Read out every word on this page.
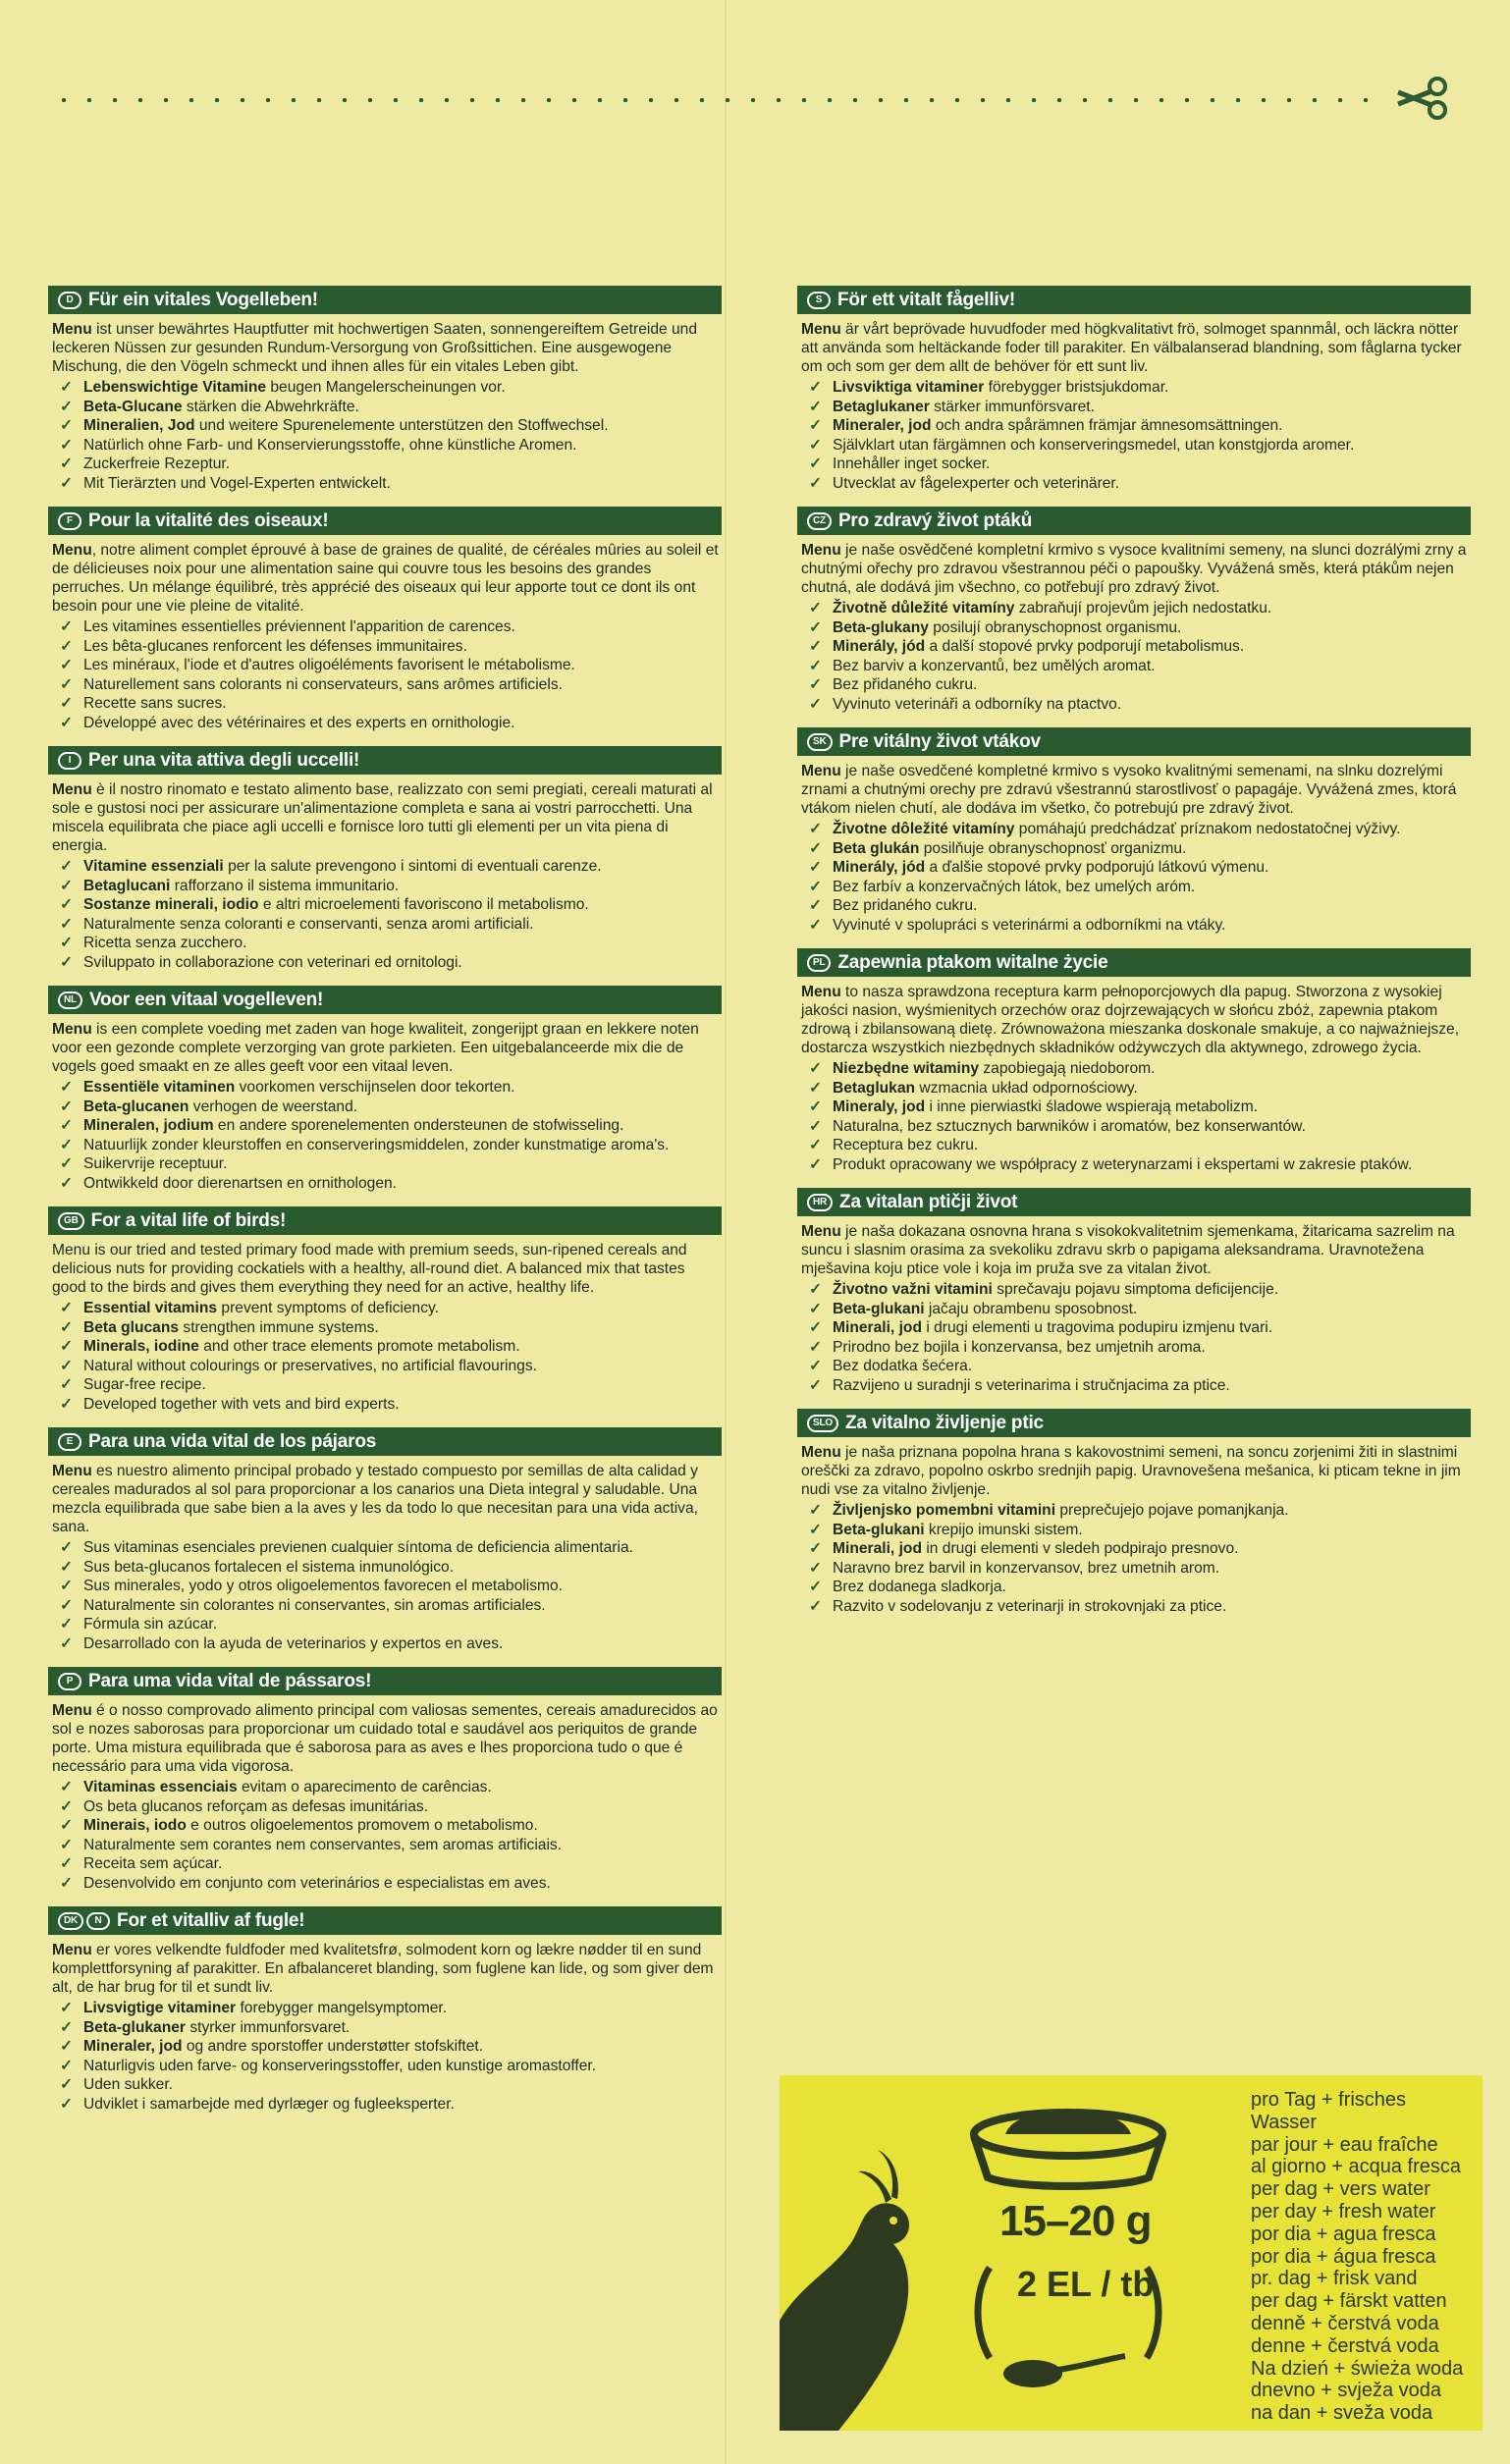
D Für ein vitales Vogelleben!
Menu ist unser bewährtes Hauptfutter mit hochwertigen Saaten, sonnengereiftem Getreide und leckeren Nüssen zur gesunden Rundum-Versorgung von Großsittichen. Eine ausgewogene Mischung, die den Vögeln schmeckt und ihnen alles für ein vitales Leben gibt.
✓ Lebenswichtige Vitamine beugen Mangelerscheinungen vor.
✓ Beta-Glucane stärken die Abwehrkräfte.
✓ Mineralien, Jod und weitere Spurenelemente unterstützen den Stoffwechsel.
✓ Natürlich ohne Farb- und Konservierungsstoffe, ohne künstliche Aromen.
✓ Zuckerfreie Rezeptur.
✓ Mit Tierärzten und Vogel-Experten entwickelt.
F Pour la vitalité des oiseaux!
Menu, notre aliment complet éprouvé à base de graines de qualité, de céréales mûries au soleil et de délicieuses noix pour une alimentation saine qui couvre tous les besoins des grandes perruches. Un mélange équilibré, très apprécié des oiseaux qui leur apporte tout ce dont ils ont besoin pour une vie pleine de vitalité.
✓ Les vitamines essentielles préviennent l'apparition de carences.
✓ Les bêta-glucanes renforcent les défenses immunitaires.
✓ Les minéraux, l'iode et d'autres oligoéléments favorisent le métabolisme.
✓ Naturellement sans colorants ni conservateurs, sans arômes artificiels.
✓ Recette sans sucres.
✓ Développé avec des vétérinaires et des experts en ornithologie.
I Per una vita attiva degli uccelli!
Menu è il nostro rinomato e testato alimento base, realizzato con semi pregiati, cereali maturati al sole e gustosi noci per assicurare un'alimentazione completa e sana ai vostri parrocchetti. Una miscela equilibrata che piace agli uccelli e fornisce loro tutti gli elementi per un vita piena di energia.
✓ Vitamine essenziali per la salute prevengono i sintomi di eventuali carenze.
✓ Betaglucani rafforzano il sistema immunitario.
✓ Sostanze minerali, iodio e altri microelementi favoriscono il metabolismo.
✓ Naturalmente senza coloranti e conservanti, senza aromi artificiali.
✓ Ricetta senza zucchero.
✓ Sviluppato in collaborazione con veterinari ed ornitologi.
NL Voor een vitaal vogelleven!
Menu is een complete voeding met zaden van hoge kwaliteit, zongerijpt graan en lekkere noten voor een gezonde complete verzorging van grote parkieten. Een uitgebalanceerde mix die de vogels goed smaakt en ze alles geeft voor een vitaal leven.
✓ Essentiële vitaminen voorkomen verschijnselen door tekorten.
✓ Beta-glucanen verhogen de weerstand.
✓ Mineralen, jodium en andere sporenelementen ondersteunen de stofwisseling.
✓ Natuurlijk zonder kleurstoffen en conserveringsmiddelen, zonder kunstmatige aroma's.
✓ Suikervrije receptuur.
✓ Ontwikkeld door dierenartsen en ornithologen.
GB For a vital life of birds!
Menu is our tried and tested primary food made with premium seeds, sun-ripened cereals and delicious nuts for providing cockatiels with a healthy, all-round diet. A balanced mix that tastes good to the birds and gives them everything they need for an active, healthy life.
✓ Essential vitamins prevent symptoms of deficiency.
✓ Beta glucans strengthen immune systems.
✓ Minerals, iodine and other trace elements promote metabolism.
✓ Natural without colourings or preservatives, no artificial flavourings.
✓ Sugar-free recipe.
✓ Developed together with vets and bird experts.
E Para una vida vital de los pájaros
Menu es nuestro alimento principal probado y testado compuesto por semillas de alta calidad y cereales madurados al sol para proporcionar a los canarios una Dieta integral y saludable. Una mezcla equilibrada que sabe bien a la aves y les da todo lo que necesitan para una vida activa, sana.
✓ Sus vitaminas esenciales previenen cualquier síntoma de deficiencia alimentaria.
✓ Sus beta-glucanos fortalecen el sistema inmunológico.
✓ Sus minerales, yodo y otros oligoelementos favorecen el metabolismo.
✓ Naturalmente sin colorantes ni conservantes, sin aromas artificiales.
✓ Fórmula sin azúcar.
✓ Desarrollado con la ayuda de veterinarios y expertos en aves.
P Para uma vida vital de pássaros!
Menu é o nosso comprovado alimento principal com valiosas sementes, cereais amadurecidos ao sol e nozes saborosas para proporcionar um cuidado total e saudável aos periquitos de grande porte. Uma mistura equilibrada que é saborosa para as aves e lhes proporciona tudo o que é necessário para uma vida vigorosa.
✓ Vitaminas essenciais evitam o aparecimento de carências.
✓ Os beta glucanos reforçam as defesas imunitárias.
✓ Minerais, iodo e outros oligoelementos promovem o metabolismo.
✓ Naturalmente sem corantes nem conservantes, sem aromas artificiais.
✓ Receita sem açúcar.
✓ Desenvolvido em conjunto com veterinários e especialistas em aves.
DK	N For et vitalliv af fugle!
Menu er vores velkendte fuldfoder med kvalitetsfrø, solmodent korn og lækre nødder til en sund komplettforsyning af parakitter. En afbalanceret blanding, som fuglene kan lide, og som giver dem alt, de har brug for til et sundt liv.
✓ Livsvigtige vitaminer forebygger mangelsymptomer.
✓ Beta-glukaner styrker immunforsvaret.
✓ Mineraler, jod og andre sporstoffer understøtter stofskiftet.
✓ Naturligvis uden farve- og konserveringsstoffer, uden kunstige aromastoffer.
✓ Uden sukker.
✓ Udviklet i samarbejde med dyrlæger og fugleeksperter.
S För ett vitalt fågelliv!
Menu är vårt beprövade huvudfoder med högkvalitativt frö, solmoget spannmål, och läckra nötter att använda som heltäckande foder till parakiter. En välbalanserad blandning, som fåglarna tycker om och som ger dem allt de behöver för ett sunt liv.
✓ Livsviktiga vitaminer förebygger bristsjukdomar.
✓ Betaglukaner stärker immunförsvaret.
✓ Mineraler, jod och andra spårämnen främjar ämnesomsättningen.
✓ Självklart utan färgämnen och konserveringsmedel, utan konstgjorda aromer.
✓ Innehåller inget socker.
✓ Utvecklat av fågelexperter och veterinärer.
CZ Pro zdravý život ptáků
Menu je naše osvědčené kompletní krmivo s vysoce kvalitními semeny, na slunci dozrálými zrny a chutnými ořechy pro zdravou všestrannou péči o papoušky. Vyvážená směs, která ptákům nejen chutná, ale dodává jim všechno, co potřebují pro zdravý život.
✓ Životně důležité vitamíny zabraňují projevům jejich nedostatku.
✓ Beta-glukany posilují obranyschopnost organismu.
✓ Minerály, jód a další stopové prvky podporují metabolismus.
✓ Bez barviv a konzervantů, bez umělých aromat.
✓ Bez přidaného cukru.
✓ Vyvinuto veterináři a odborníky na ptactvo.
SK Pre vitálny život vtákov
Menu je naše osvedčené kompletné krmivo s vysoko kvalitnými semenami, na slnku dozrelými zrnami a chutnými orechy pre zdravú všestrannú starostlivosť o papagáje. Vyvážená zmes, ktorá vtákom nielen chutí, ale dodáva im všetko, čo potrebujú pre zdravý život.
✓ Životne dôležité vitamíny pomáhajú predchádzať príznakom nedostatočnej výživy.
✓ Beta glukán posilňuje obranyschopnosť organizmu.
✓ Minerály, jód a ďalšie stopové prvky podporujú látkovú výmenu.
✓ Bez farbív a konzervačných látok, bez umelých aróm.
✓ Bez pridaného cukru.
✓ Vyvinuté v spolupráci s veterinármi a odborníkmi na vtáky.
PL Zapewnia ptakom witalne życie
Menu to nasza sprawdzona receptura karm pełnoporcjowych dla papug. Stworzona z wysokiej jakości nasion, wyśmienitych orzechów oraz dojrzewających w słońcu zbóż, zapewnia ptakom zdrową i zbilansowaną dietę. Zrównoważona mieszanka doskonale smakuje, a co najważniejsze, dostarcza wszystkich niezbędnych składników odżywczych dla aktywnego, zdrowego życia.
✓ Niezbędne witaminy zapobiegają niedoborom.
✓ Betaglukan wzmacnia układ odpornościowy.
✓ Mineraly, jod i inne pierwiastki śladowe wspierają metabolizm.
✓ Naturalna, bez sztucznych barwników i aromatów, bez konserwantów.
✓ Receptura bez cukru.
✓ Produkt opracowany we współpracy z weterynarzami i ekspertami w zakresie ptaków.
HR Za vitalan ptičji život
Menu je naša dokazana osnovna hrana s visokokvalitetnim sjemenkama, žitaricama sazrelim na suncu i slasnim orasima za svekoliku zdravu skrb o papigama aleksandrama. Uravnotežena mješavina koju ptice vole i koja im pruža sve za vitalan život.
✓ Životno važni vitamini sprečavaju pojavu simptoma deficijencije.
✓ Beta-glukani jačaju obrambenu sposobnost.
✓ Minerali, jod i drugi elementi u tragovima podupiru izmjenu tvari.
✓ Prirodno bez bojila i konzervansa, bez umjetnih aroma.
✓ Bez dodatka šećera.
✓ Razvijeno u suradnji s veterinarima i stručnjacima za ptice.
SLO Za vitalno življenje ptic
Menu je naša priznana popolna hrana s kakovostnimi semeni, na soncu zorjenimi žiti in slastnimi oreščki za zdravo, popolno oskrbo srednjih papig. Uravnovešena mešanica, ki pticam tekne in jim nudi vse za vitalno življenje.
✓ Življenjsko pomembni vitamini preprečujejo pojave pomanjkanja.
✓ Beta-glukani krepijo imunski sistem.
✓ Minerali, jod in drugi elementi v sledeh podpirajo presnovo.
✓ Naravno brez barvil in konzervansov, brez umetnih arom.
✓ Brez dodanega sladkorja.
✓ Razvito v sodelovanju z veterinarji in strokovnjaki za ptice.
15–20 g
2 EL / tb
pro Tag + frisches Wasser
par jour + eau fraîche
al giorno + acqua fresca
per dag + vers water
per day + fresh water
por dia + agua fresca
por dia + água fresca
pr. dag + frisk vand
per dag + färskt vatten
denně + čerstvá voda
denne + čerstvá voda
Na dzień + świeża woda
dnevno + svježa voda
na dan + sveža voda
